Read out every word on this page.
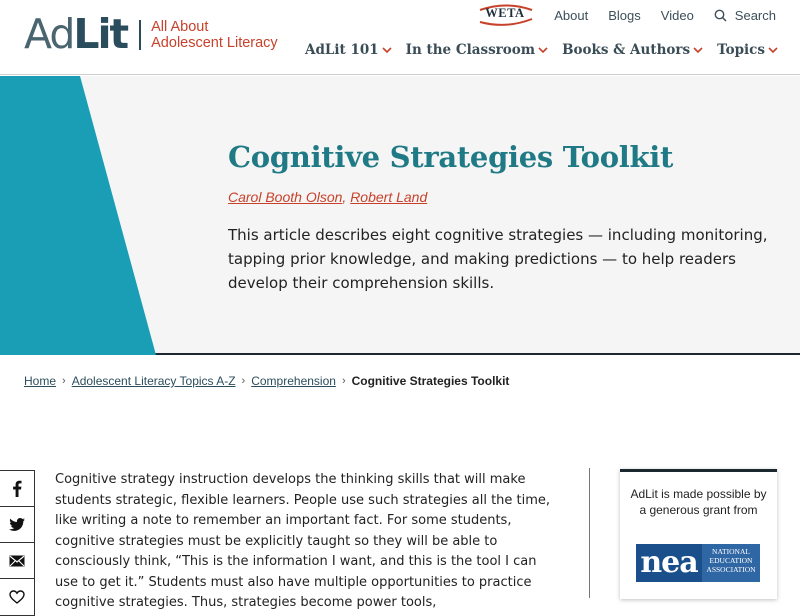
Ad Lit All About
Adolescent Literacy
WETA About Blogs Video	Search
AdLit 101 In the Classroom Books & Authors Topics
Cognitive Strategies Toolkit
Carol Booth Olson, Robert Land

This article describes eight cognitive strategies — including monitoring, tapping prior knowledge, and making predictions — to help readers develop their comprehension skills.

Home › Adolescent Literacy Topics A-Z › Comprehension › Cognitive Strategies Toolkit

Cognitive strategy instruction develops the thinking skills that will make students strategic, flexible learners. People use such strategies all the time, like writing a note to remember an important fact. For some students, cognitive strategies must be explicitly taught so they will be able to consciously think, “This is the information I want, and this is the tool I can use to get it.” Students must also have multiple opportunities to practice cognitive strategies. Thus, strategies become power tools,

AdLit is made possible by a generous grant from
nea	NATIONAL
EDUCATION
ASSOCIATION
